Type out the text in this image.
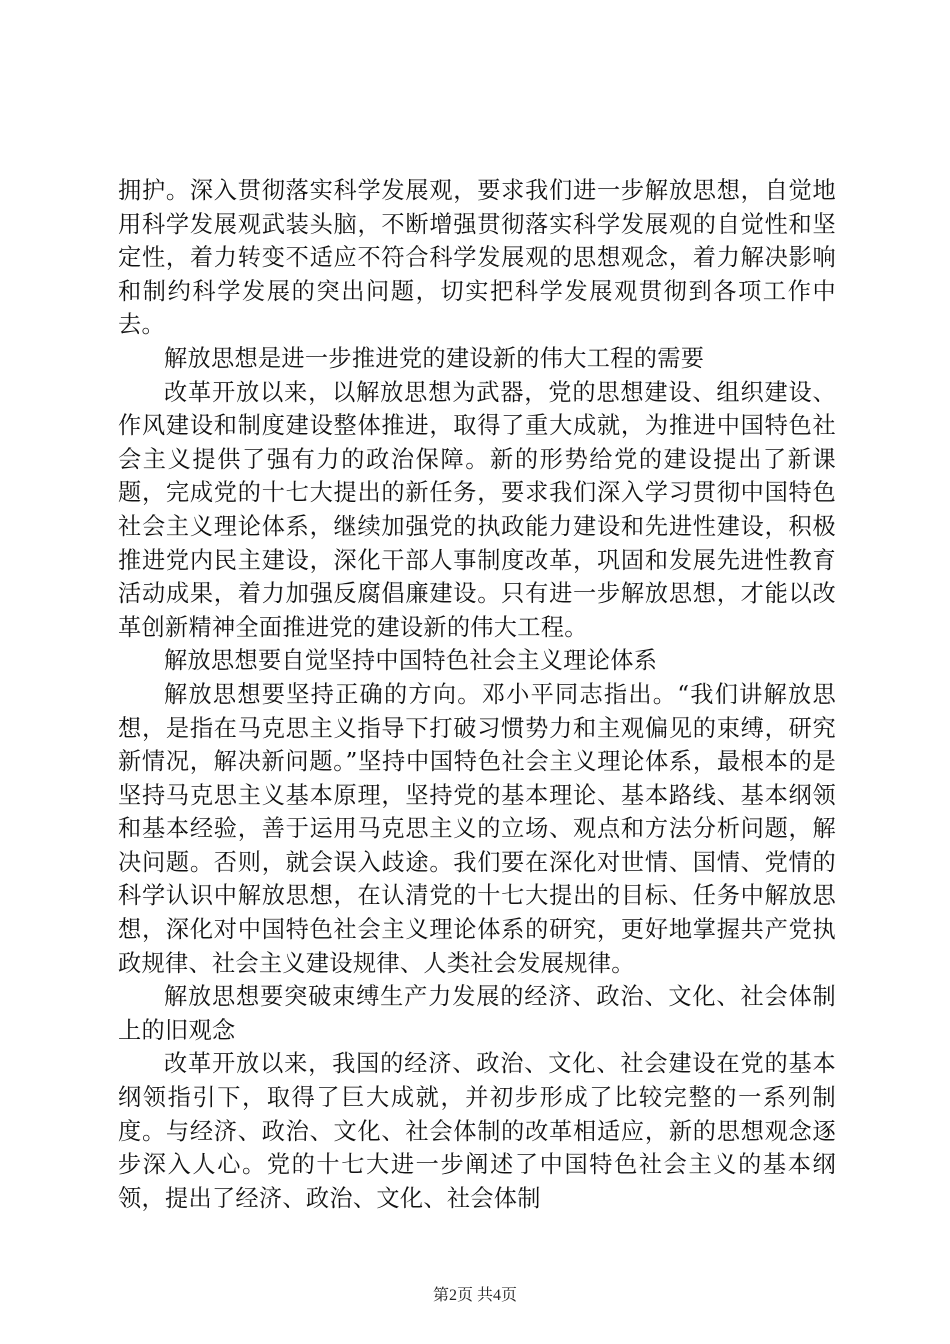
拥护。深入贯彻落实科学发展观，要求我们进一步解放思想，自觉地用科学发展观武装头脑，不断增强贯彻落实科学发展观的自觉性和坚定性，着力转变不适应不符合科学发展观的思想观念，着力解决影响和制约科学发展的突出问题，切实把科学发展观贯彻到各项工作中去。

解放思想是进一步推进党的建设新的伟大工程的需要

改革开放以来，以解放思想为武器，党的思想建设、组织建设、作风建设和制度建设整体推进，取得了重大成就，为推进中国特色社会主义提供了强有力的政治保障。新的形势给党的建设提出了新课题，完成党的十七大提出的新任务，要求我们深入学习贯彻中国特色社会主义理论体系，继续加强党的执政能力建设和先进性建设，积极推进党内民主建设，深化干部人事制度改革，巩固和发展先进性教育活动成果，着力加强反腐倡廉建设。只有进一步解放思想，才能以改革创新精神全面推进党的建设新的伟大工程。

解放思想要自觉坚持中国特色社会主义理论体系

解放思想要坚持正确的方向。邓小平同志指出。“我们讲解放思想，是指在马克思主义指导下打破习惯势力和主观偏见的束缚，研究新情况，解决新问题。”坚持中国特色社会主义理论体系，最根本的是坚持马克思主义基本原理，坚持党的基本理论、基本路线、基本纲领和基本经验，善于运用马克思主义的立场、观点和方法分析问题，解决问题。否则，就会误入歧途。我们要在深化对世情、国情、党情的科学认识中解放思想，在认清党的十七大提出的目标、任务中解放思想，深化对中国特色社会主义理论体系的研究，更好地掌握共产党执政规律、社会主义建设规律、人类社会发展规律。

解放思想要突破束缚生产力发展的经济、政治、文化、社会体制上的旧观念

改革开放以来，我国的经济、政治、文化、社会建设在党的基本纲领指引下，取得了巨大成就，并初步形成了比较完整的一系列制度。与经济、政治、文化、社会体制的改革相适应，新的思想观念逐步深入人心。党的十七大进一步阐述了中国特色社会主义的基本纲领，提出了经济、政治、文化、社会体制

第2页 共4页
